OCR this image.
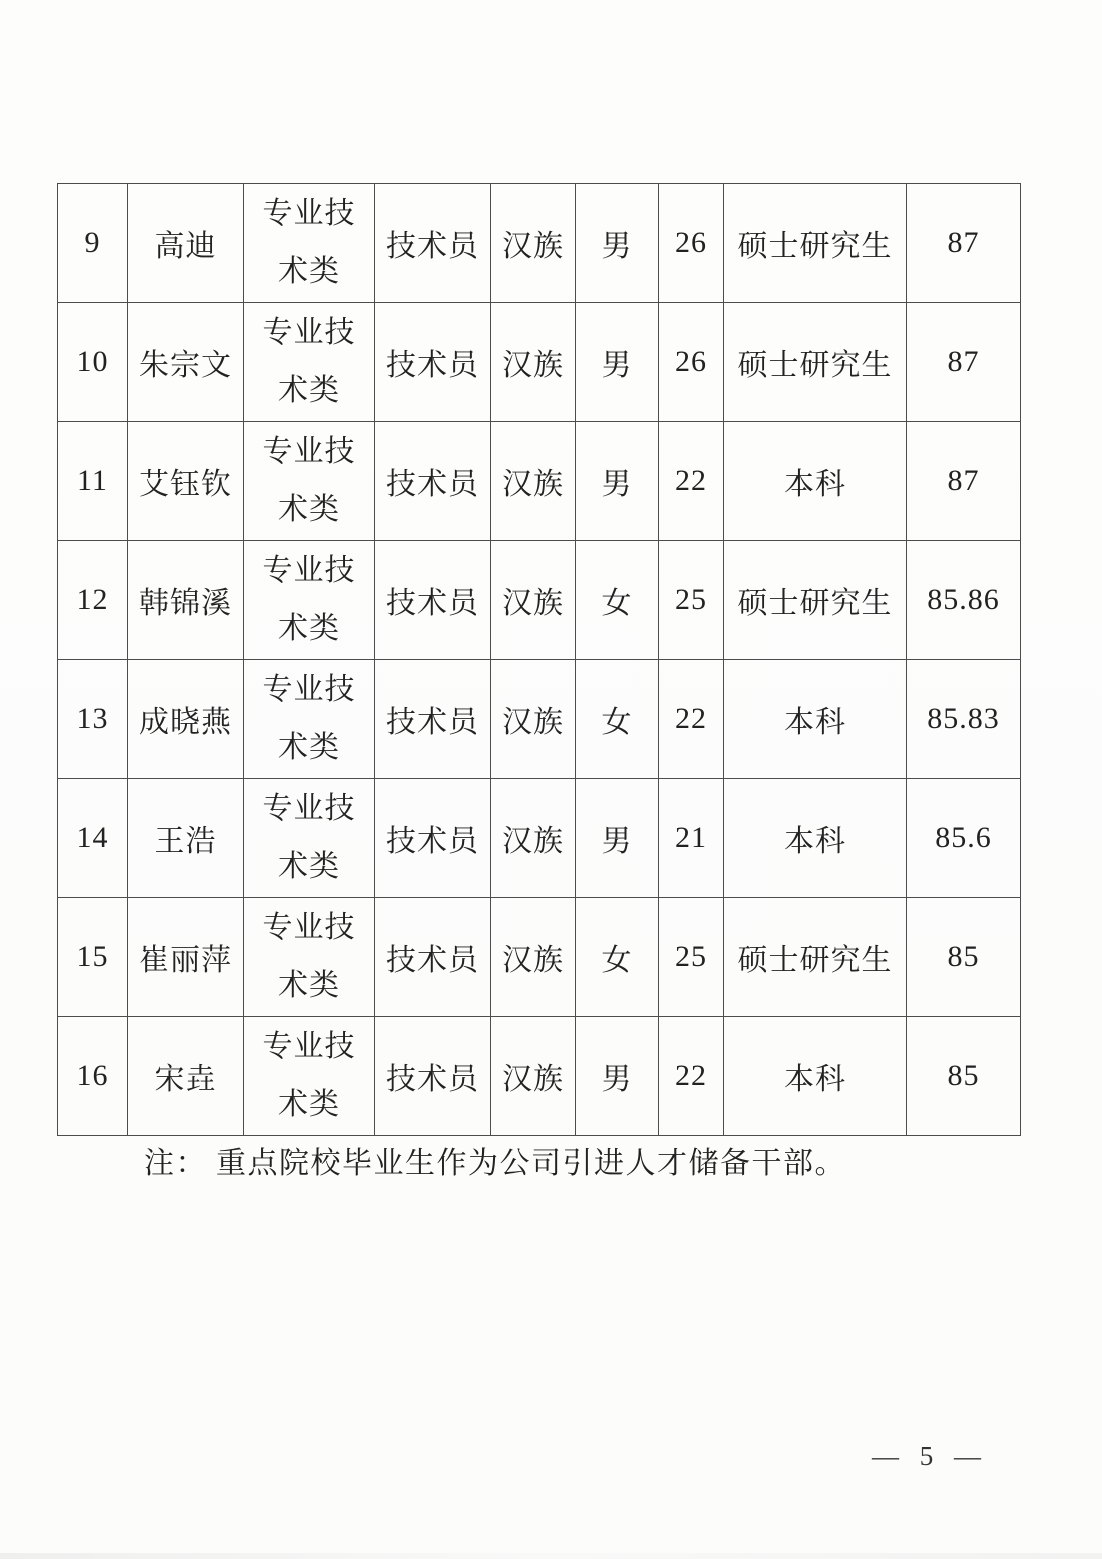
9	高迪	专业技术类	技术员	汉族	男	26	硕士研究生	87
10	朱宗文	专业技术类	技术员	汉族	男	26	硕士研究生	87
11	艾钰钦	专业技术类	技术员	汉族	男	22	本科	87
12	韩锦溪	专业技术类	技术员	汉族	女	25	硕士研究生	85.86
13	成晓燕	专业技术类	技术员	汉族	女	22	本科	85.83
14	王浩	专业技术类	技术员	汉族	男	21	本科	85.6
15	崔丽萍	专业技术类	技术员	汉族	女	25	硕士研究生	85
16	宋垚	专业技术类	技术员	汉族	男	22	本科	85
注： 重点院校毕业生作为公司引进人才储备干部。
— 5 —
